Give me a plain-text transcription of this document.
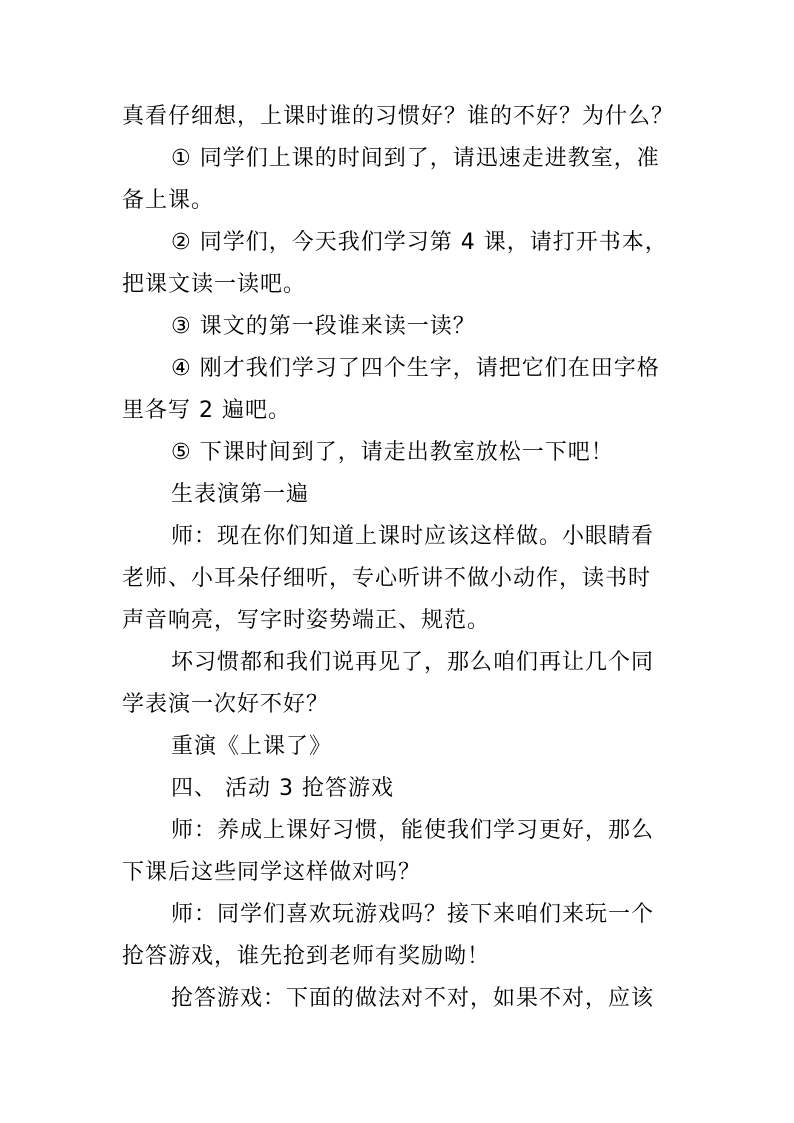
真看仔细想，上课时谁的习惯好？谁的不好？为什么？
① 同学们上课的时间到了，请迅速走进教室，准
备上课。
② 同学们，今天我们学习第 4 课，请打开书本，
把课文读一读吧。
③ 课文的第一段谁来读一读？
④ 刚才我们学习了四个生字，请把它们在田字格
里各写 2 遍吧。
⑤ 下课时间到了，请走出教室放松一下吧！
生表演第一遍
师：现在你们知道上课时应该这样做。小眼睛看
老师、小耳朵仔细听，专心听讲不做小动作，读书时
声音响亮，写字时姿势端正、规范。
坏习惯都和我们说再见了，那么咱们再让几个同
学表演一次好不好？
重演《上课了》
四、 活动 3 抢答游戏
师：养成上课好习惯，能使我们学习更好，那么
下课后这些同学这样做对吗？
师：同学们喜欢玩游戏吗？接下来咱们来玩一个
抢答游戏，谁先抢到老师有奖励呦！
抢答游戏：下面的做法对不对，如果不对，应该
